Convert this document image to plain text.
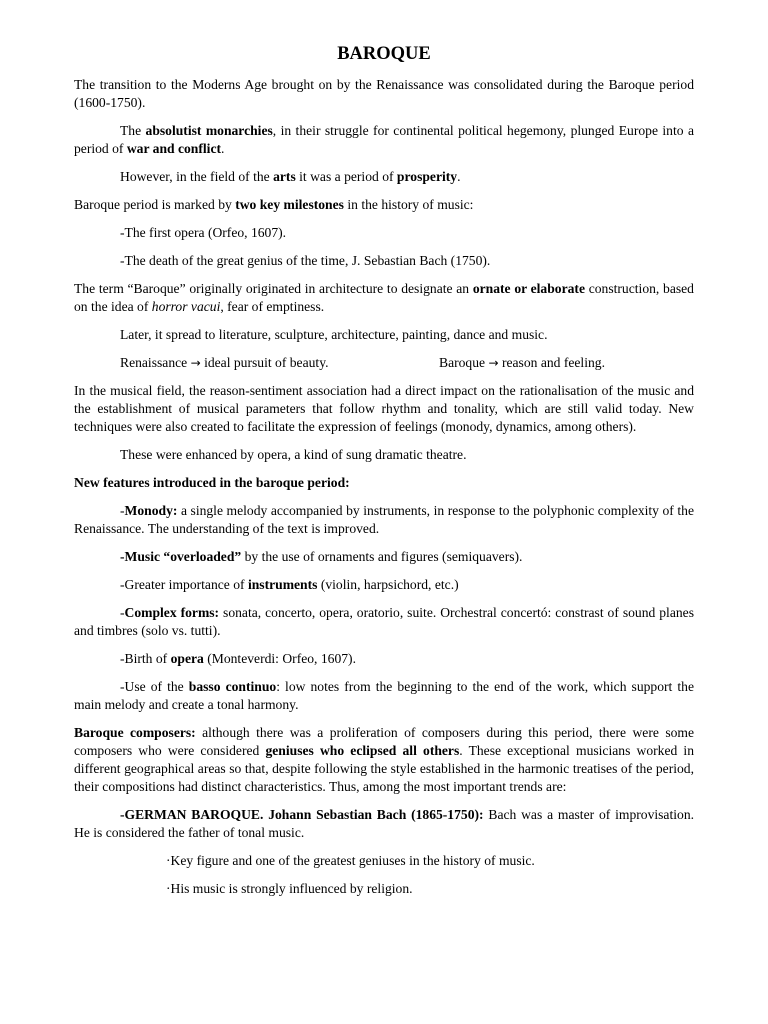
BAROQUE

The transition to the Moderns Age brought on by the Renaissance was consolidated during the Baroque period (1600-1750).

The absolutist monarchies, in their struggle for continental political hegemony, plunged Europe into a period of war and conflict.

However, in the field of the arts it was a period of prosperity.

Baroque period is marked by two key milestones in the history of music:

-The first opera (Orfeo, 1607).

-The death of the great genius of the time, J. Sebastian Bach (1750).

The term “Baroque” originally originated in architecture to designate an ornate or elaborate construction, based on the idea of horror vacui, fear of emptiness.

Later, it spread to literature, sculpture, architecture, painting, dance and music.

Renaissance → ideal pursuit of beauty.	Baroque → reason and feeling.

In the musical field, the reason-sentiment association had a direct impact on the rationalisation of the music and the establishment of musical parameters that follow rhythm and tonality, which are still valid today. New techniques were also created to facilitate the expression of feelings (monody, dynamics, among others).

These were enhanced by opera, a kind of sung dramatic theatre.

New features introduced in the baroque period:

-Monody: a single melody accompanied by instruments, in response to the polyphonic complexity of the Renaissance. The understanding of the text is improved.

-Music “overloaded” by the use of ornaments and figures (semiquavers).

-Greater importance of instruments (violin, harpsichord, etc.)

-Complex forms: sonata, concerto, opera, oratorio, suite. Orchestral concertó: constrast of sound planes and timbres (solo vs. tutti).

-Birth of opera (Monteverdi: Orfeo, 1607).

-Use of the basso continuo: low notes from the beginning to the end of the work, which support the main melody and create a tonal harmony.

Baroque composers: although there was a proliferation of composers during this period, there were some composers who were considered geniuses who eclipsed all others. These exceptional musicians worked in different geographical areas so that, despite following the style established in the harmonic treatises of the period, their compositions had distinct characteristics. Thus, among the most important trends are:

-GERMAN BAROQUE. Johann Sebastian Bach (1865-1750): Bach was a master of improvisation. He is considered the father of tonal music.

·Key figure and one of the greatest geniuses in the history of music.

·His music is strongly influenced by religion.
